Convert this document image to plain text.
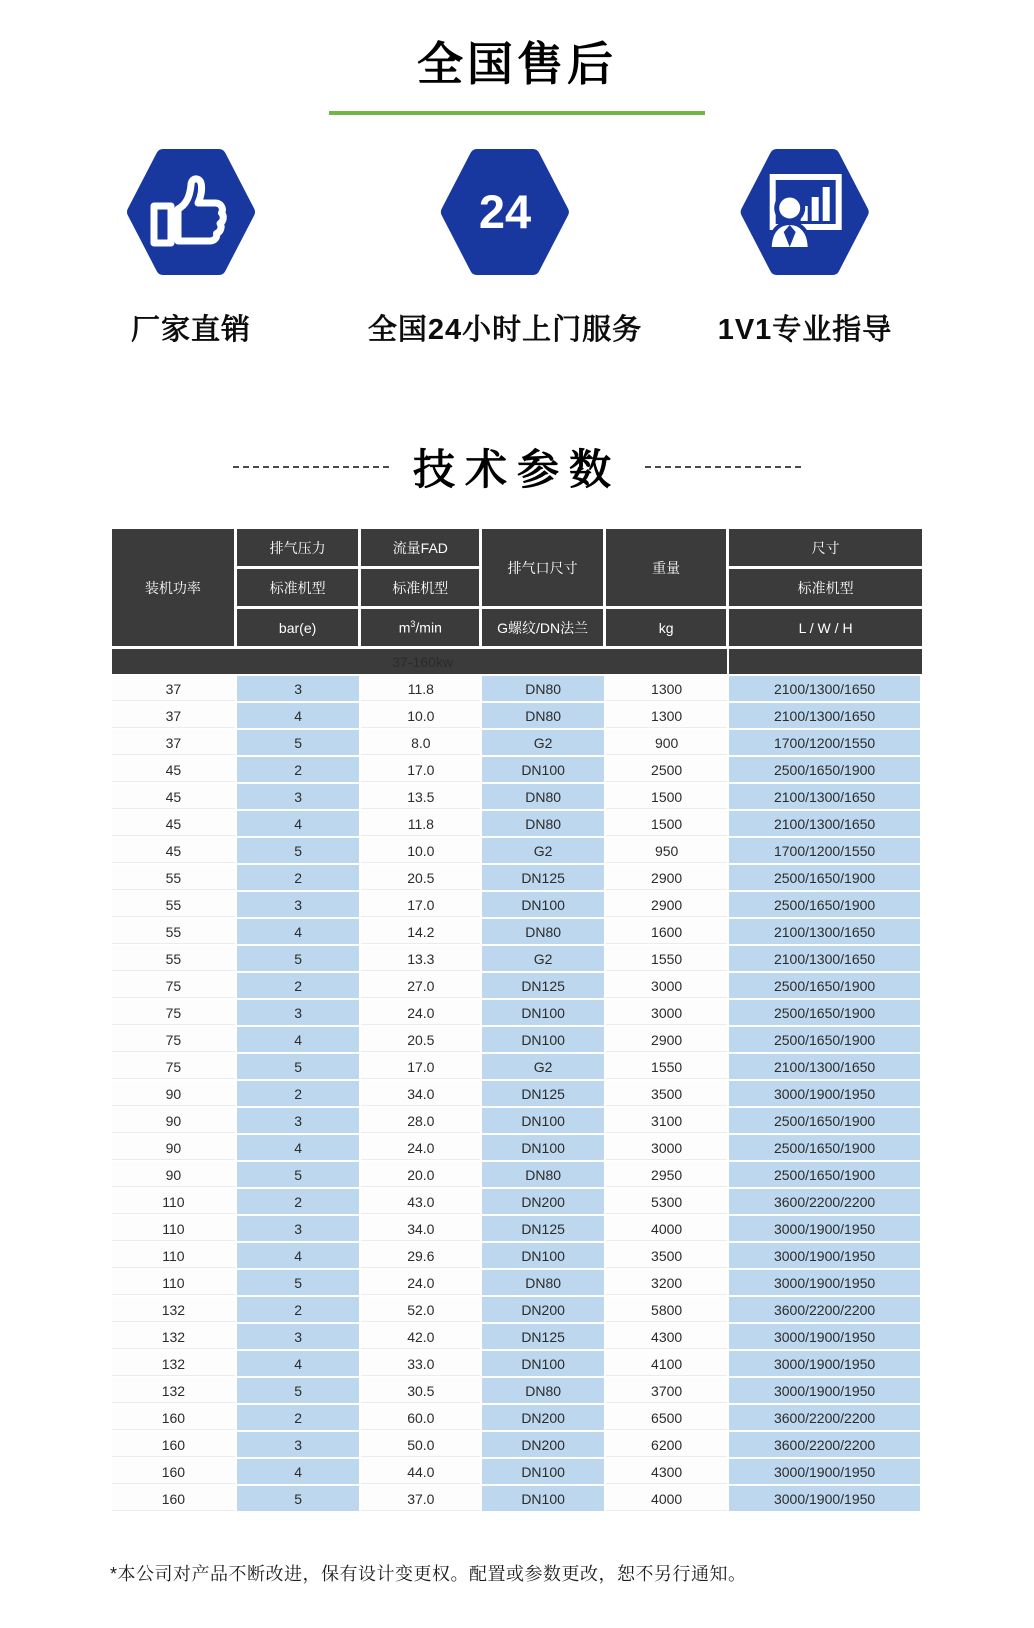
全国售后
厂家直销
24
全国24小时上门服务	1V1专业指导
技术参数
装机功率	排气压力	流量FAD	排气口尺寸	重量	尺寸
	标准机型	标准机型			标准机型
	bar(e)	$m^3/\min$	G螺纹/DN法兰	kg	L / W / H
37-160kw					
37	3	11.8	DN80	1300	2100/1300/1650
37	4	10.0	DN80	1300	2100/1300/1650
37	5	8.0	G2	900	1700/1200/1550
45	2	17.0	DN100	2500	2500/1650/1900
45	3	13.5	DN80	1500	2100/1300/1650
45	4	11.8	DN80	1500	2100/1300/1650
45	5	10.0	G2	950	1700/1200/1550
55	2	20.5	DN125	2900	2500/1650/1900
55	3	17.0	DN100	2900	2500/1650/1900
55	4	14.2	DN80	1600	2100/1300/1650
55	5	13.3	G2	1550	2100/1300/1650
75	2	27.0	DN125	3000	2500/1650/1900
75	3	24.0	DN100	3000	2500/1650/1900
75	4	20.5	DN100	2900	2500/1650/1900
75	5	17.0	G2	1550	2100/1300/1650
90	2	34.0	DN125	3500	3000/1900/1950
90	3	28.0	DN100	3100	2500/1650/1900
90	4	24.0	DN100	3000	2500/1650/1900
90	5	20.0	DN80	2950	2500/1650/1900
110	2	43.0	DN200	5300	3600/2200/2200
110	3	34.0	DN125	4000	3000/1900/1950
110	4	29.6	DN100	3500	3000/1900/1950
110	5	24.0	DN80	3200	3000/1900/1950
132	2	52.0	DN200	5800	3600/2200/2200
132	3	42.0	DN125	4300	3000/1900/1950
132	4	33.0	DN100	4100	3000/1900/1950
132	5	30.5	DN80	3700	3000/1900/1950
160	2	60.0	DN200	6500	3600/2200/2200
160	3	50.0	DN200	6200	3600/2200/2200
160	4	44.0	DN100	4300	3000/1900/1950
160	5	37.0	DN100	4000	3000/1900/1950

*本公司对产品不断改进，保有设计变更权。配置或参数更改，恕不另行通知。
